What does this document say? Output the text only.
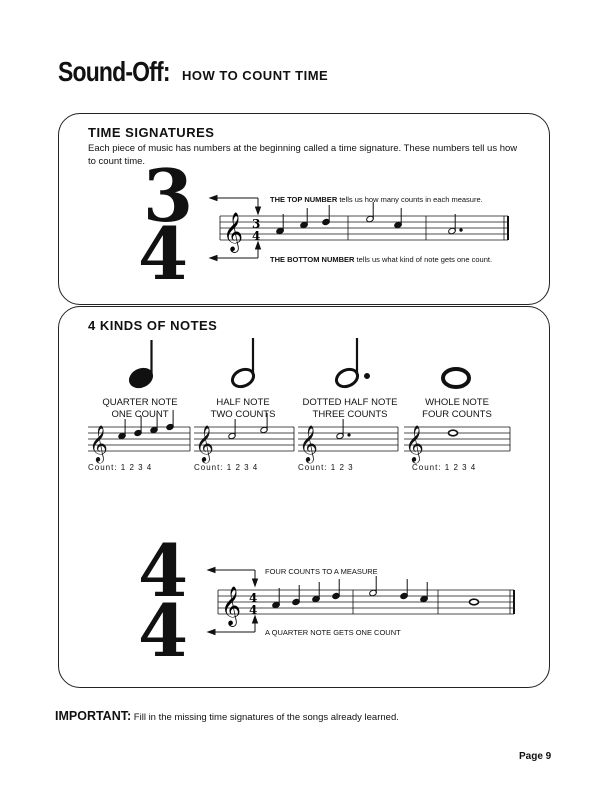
Sound-Off: HOW TO COUNT TIME
TIME SIGNATURES
Each piece of music has numbers at the beginning called a time signature. These numbers tell us how
to count time.
3
4
THE TOP NUMBER tells us how many counts in each measure.
THE BOTTOM NUMBER tells us what kind of note gets one count.
𝄞 3
4
4 KINDS OF NOTES
QUARTER NOTE
ONE COUNT
HALF NOTE
TWO COUNTS
DOTTED HALF NOTE
THREE COUNTS
WHOLE NOTE
FOUR COUNTS
𝄞	𝄞	𝄞	𝄞
Count: 1 2 3 4	Count: 1 2 3 4	Count: 1 2 3	Count: 1 2 3 4
4
4
FOUR COUNTS TO A MEASURE
A QUARTER NOTE GETS ONE COUNT
𝄞 4
4
IMPORTANT: Fill in the missing time signatures of the songs already learned.
Page 9
